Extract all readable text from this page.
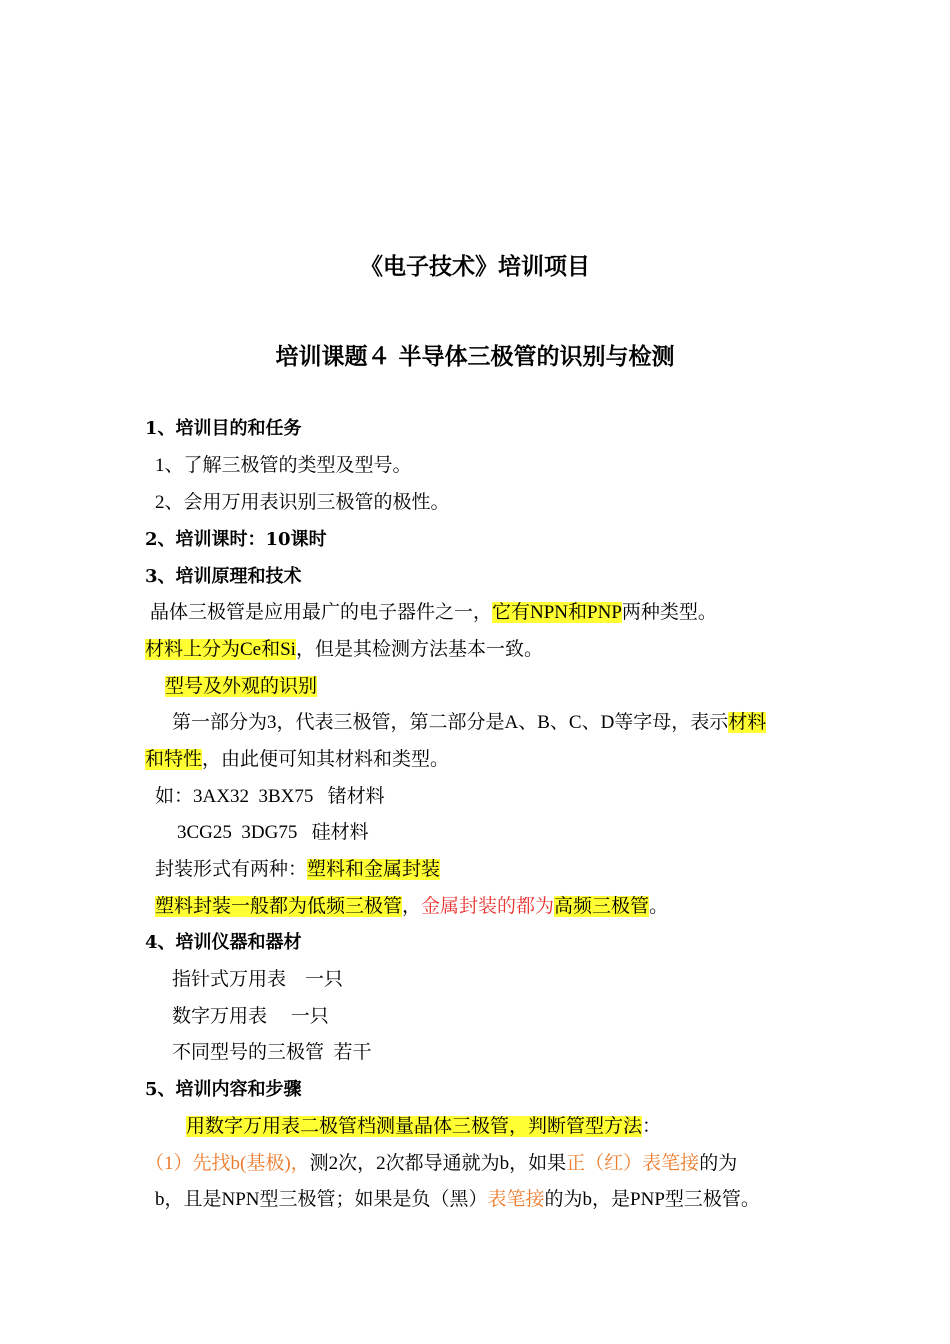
《电子技术》培训项目
培训课题４ 半导体三极管的识别与检测
1、培训目的和任务
1、了解三极管的类型及型号。
2、会用万用表识别三极管的极性。
2、培训课时：10课时
3、培训原理和技术
晶体三极管是应用最广的电子器件之一，它有NPN和PNP两种类型。
材料上分为Ce和Si，但是其检测方法基本一致。
型号及外观的识别
第一部分为3，代表三极管，第二部分是A、B、C、D等字母，表示材料
和特性，由此便可知其材料和类型。
如：3AX32  3BX75   锗材料
3CG25  3DG75   硅材料
封装形式有两种：塑料和金属封装
塑料封装一般都为低频三极管，金属封装的都为高频三极管。
4、培训仪器和器材
指针式万用表    一只
数字万用表     一只
不同型号的三极管  若干
5、培训内容和步骤
用数字万用表二极管档测量晶体三极管，判断管型方法：
（1）先找b(基极)，测2次，2次都导通就为b，如果正（红）表笔接的为
b，且是NPN型三极管；如果是负（黑）表笔接的为b，是PNP型三极管。
